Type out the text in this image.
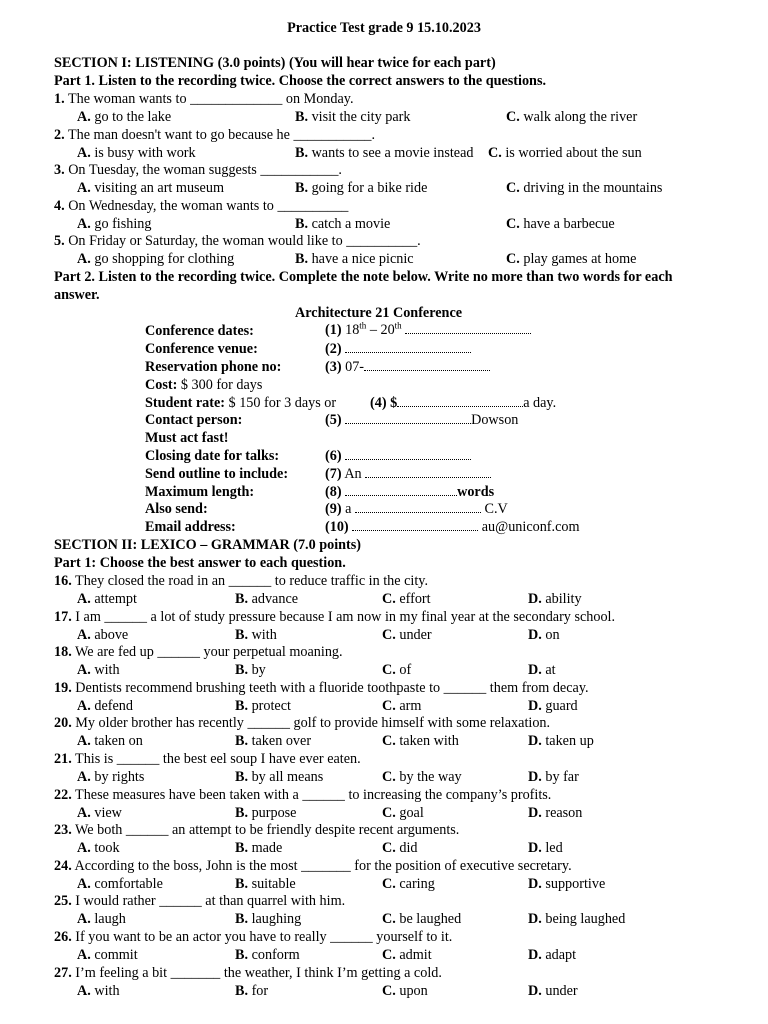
Practice Test grade 9 15.10.2023
SECTION I: LISTENING (3.0 points) (You will hear twice for each part)
Part 1. Listen to the recording twice. Choose the correct answers to the questions.
1. The woman wants to _____________ on Monday.
A. go to the lake	B. visit the city park	C. walk along the river
2. The man doesn't want to go because he ___________.
A. is busy with work	B. wants to see a movie instead C. is worried about the sun
3. On Tuesday, the woman suggests ___________.
A. visiting an art museum	B. going for a bike ride	C. driving in the mountains
4. On Wednesday, the woman wants to __________
A. go fishing	B. catch a movie	C. have a barbecue
5. On Friday or Saturday, the woman would like to __________.
A. go shopping for clothing	B. have a nice picnic	C. play games at home
Part 2. Listen to the recording twice. Complete the note below. Write no more than two words for each
answer.
Architecture 21 Conference
Conference dates:	(1) 18th – 20th
Conference venue:	(2)
Reservation phone no:	(3) 07-
Cost: $ 300 for days
Student rate: $ 150 for 3 days or (4) $	a day.
Contact person:	(5)	Dowson
Must act fast!
Closing date for talks:	(6)
Send outline to include:	(7) An
Maximum length:	(8)	words
Also send:	(9) a	C.V
Email address:	(10)	au@uniconf.com
SECTION II: LEXICO – GRAMMAR (7.0 points)
Part 1: Choose the best answer to each question.
16. They closed the road in an ______ to reduce traffic in the city.
A. attempt	B. advance	C. effort	D. ability
17. I am ______ a lot of study pressure because I am now in my final year at the secondary school.
A. above	B. with	C. under	D. on
18. We are fed up ______ your perpetual moaning.
A. with	B. by	C. of	D. at
19. Dentists recommend brushing teeth with a fluoride toothpaste to ______ them from decay.
A. defend	B. protect	C. arm	D. guard
20. My older brother has recently ______ golf to provide himself with some relaxation.
A. taken on	B. taken over	C. taken with	D. taken up
21. This is ______ the best eel soup I have ever eaten.
A. by rights	B. by all means	C. by the way	D. by far
22. These measures have been taken with a ______ to increasing the company’s profits.
A. view	B. purpose	C. goal	D. reason
23. We both ______ an attempt to be friendly despite recent arguments.
A. took	B. made	C. did	D. led
24. According to the boss, John is the most _______ for the position of executive secretary.
A. comfortable	B. suitable	C. caring	D. supportive
25. I would rather ______ at than quarrel with him.
A. laugh	B. laughing	C. be laughed	D. being laughed
26. If you want to be an actor you have to really ______ yourself to it.
A. commit	B. conform	C. admit	D. adapt
27. I’m feeling a bit _______ the weather, I think I’m getting a cold.
A. with	B. for	C. upon	D. under
